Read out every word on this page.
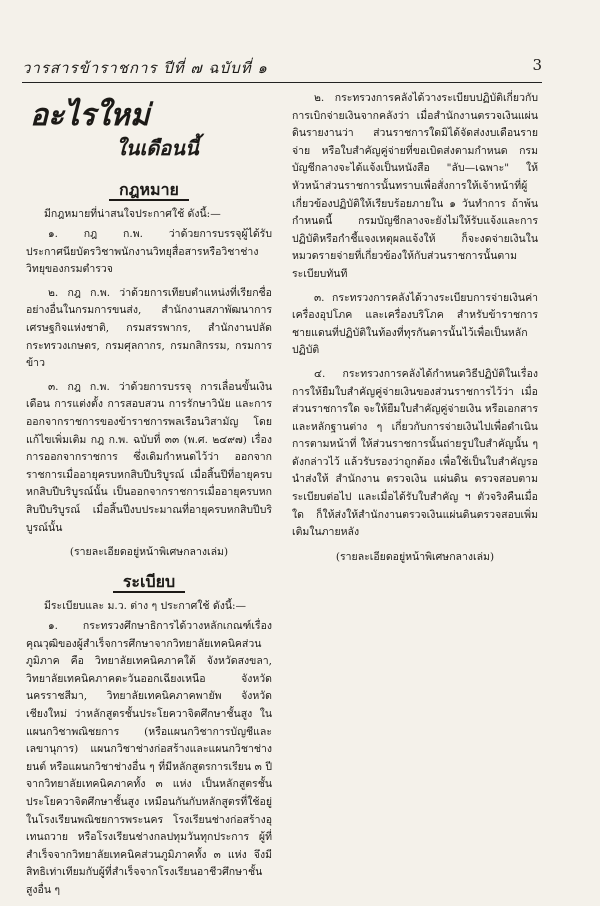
วารสารข้าราชการ ปีที่ ๗ ฉบับที่ ๑	3
อะไรใหม่
ในเดือนนี้
กฎหมาย
มีกฎหมายที่น่าสนใจประกาศใช้ ดังนี้:—

๑. กฎ ก.พ. ว่าด้วยการบรรจุผู้ได้รับประกาศนียบัตรวิชาพนักงานวิทยุสื่อสารหรือวิชาช่างวิทยุของกรมตำรวจ

๒. กฎ ก.พ. ว่าด้วยการเทียบตำแหน่งที่เรียกชื่ออย่างอื่นในกรมการขนส่ง, สำนักงานสภาพัฒนาการเศรษฐกิจแห่งชาติ, กรมสรรพากร, สำนักงานปลัดกระทรวงเกษตร, กรมศุลกากร, กรมกสิกรรม, กรมการข้าว

๓. กฎ ก.พ. ว่าด้วยการบรรจุ การเลื่อนขั้นเงินเดือน การแต่งตั้ง การสอบสวน การรักษาวินัย และการออกจากราชการของข้าราชการพลเรือนวิสามัญ โดยแก้ไขเพิ่มเติม กฎ ก.พ. ฉบับที่ ๓๓ (พ.ศ. ๒๔๙๗) เรื่องการออกจากราชการ ซึ่งเดิมกำหนดไว้ว่า ออกจากราชการเมื่ออายุครบหกสิบปีบริบูรณ์ เมื่อสิ้นปีที่อายุครบหกสิบปีบริบูรณ์นั้น เป็นออกจากราชการเมื่ออายุครบหกสิบปีบริบูรณ์ เมื่อสิ้นปีงบประมาณที่อายุครบหกสิบปีบริบูรณ์นั้น

(รายละเอียดอยู่หน้าพิเศษกลางเล่ม)
ระเบียบ
มีระเบียบและ ม.ว. ต่าง ๆ ประกาศใช้ ดังนี้:—

๑. กระทรวงศึกษาธิการได้วางหลักเกณฑ์เรื่องคุณวุฒิของผู้สำเร็จการศึกษาจากวิทยาลัยเทคนิคส่วนภูมิภาค คือ วิทยาลัยเทคนิคภาคใต้ จังหวัดสงขลา, วิทยาลัยเทคนิคภาคตะวันออกเฉียงเหนือ จังหวัดนครราชสีมา, วิทยาลัยเทคนิคภาคพายัพ จังหวัดเชียงใหม่ ว่าหลักสูตรชั้นประโยควาจิตศึกษาชั้นสูง ในแผนกวิชาพณิชยการ (หรือแผนกวิชาการบัญชีและเลขานุการ) แผนกวิชาช่างก่อสร้างและแผนกวิชาช่างยนต์ หรือแผนกวิชาช่างอื่น ๆ ที่มีหลักสูตรการเรียน ๓ ปี จากวิทยาลัยเทคนิคภาคทั้ง ๓ แห่ง เป็นหลักสูตรชั้นประโยควาจิตศึกษาชั้นสูง เหมือนกันกับหลักสูตรที่ใช้อยู่ในโรงเรียนพณิชยการพระนคร โรงเรียนช่างก่อสร้างอุเทนถวาย หรือโรงเรียนช่างกลปทุมวันทุกประการ ผู้ที่สำเร็จจากวิทยาลัยเทคนิคส่วนภูมิภาคทั้ง ๓ แห่ง จึงมีสิทธิเท่าเทียมกับผู้ที่สำเร็จจากโรงเรียนอาชีวศึกษาชั้นสูงอื่น ๆ

๒. กระทรวงการคลังได้วางระเบียบปฏิบัติเกี่ยวกับการเบิกจ่ายเงินจากคลังว่า เมื่อสำนักงานตรวจเงินแผ่นดินรายงานว่า ส่วนราชการใดมิได้จัดส่งงบเดือนรายจ่าย หรือใบสำคัญคู่จ่ายที่ขอเบิดส่งตามกำหนด กรมบัญชีกลางจะได้แจ้งเป็นหนังสือ "ลับ—เฉพาะ" ให้หัวหน้าส่วนราชการนั้นทราบเพื่อสั่งการให้เจ้าหน้าที่ผู้เกี่ยวข้องปฏิบัติให้เรียบร้อยภายใน ๑ วันทำการ ถ้าพ้นกำหนดนี้ กรมบัญชีกลางจะยังไม่ให้รับแจ้งและการปฏิบัติหรือกำชี้แจงเหตุผลแจ้งให้ ก็จะงดจ่ายเงินในหมวดรายจ่ายที่เกี่ยวข้องให้กับส่วนราชการนั้นตามระเบียบทันที

๓. กระทรวงการคลังได้วางระเบียบการจ่ายเงินค่าเครื่องอุปโภค และเครื่องบริโภค สำหรับข้าราชการชายแดนที่ปฏิบัติในท้องที่ทุรกันดารนั้นไว้เพื่อเป็นหลักปฏิบัติ

๔. กระทรวงการคลังได้กำหนดวิธีปฏิบัติในเรื่องการให้ยืมใบสำคัญคู่จ่ายเงินของส่วนราชการไว้ว่า เมื่อส่วนราชการใด จะให้ยืมใบสำคัญคู่จ่ายเงิน หรือเอกสารและหลักฐานต่าง ๆ เกี่ยวกับการจ่ายเงินไปเพื่อดำเนินการตามหน้าที่ ให้ส่วนราชการนั้นถ่ายรูปใบสำคัญนั้น ๆ ดังกล่าวไว้ แล้วรับรองว่าถูกต้อง เพื่อใช้เป็นใบสำคัญรอนำส่งให้ สำนักงาน ตรวจเงิน แผ่นดิน ตรวจสอบตามระเบียบต่อไป และเมื่อได้รับใบสำคัญ ฯ ตัวจริงคืนเมื่อใด ก็ให้ส่งให้สำนักงานตรวจเงินแผ่นดินตรวจสอบเพิ่มเติมในภายหลัง

(รายละเอียดอยู่หน้าพิเศษกลางเล่ม)
